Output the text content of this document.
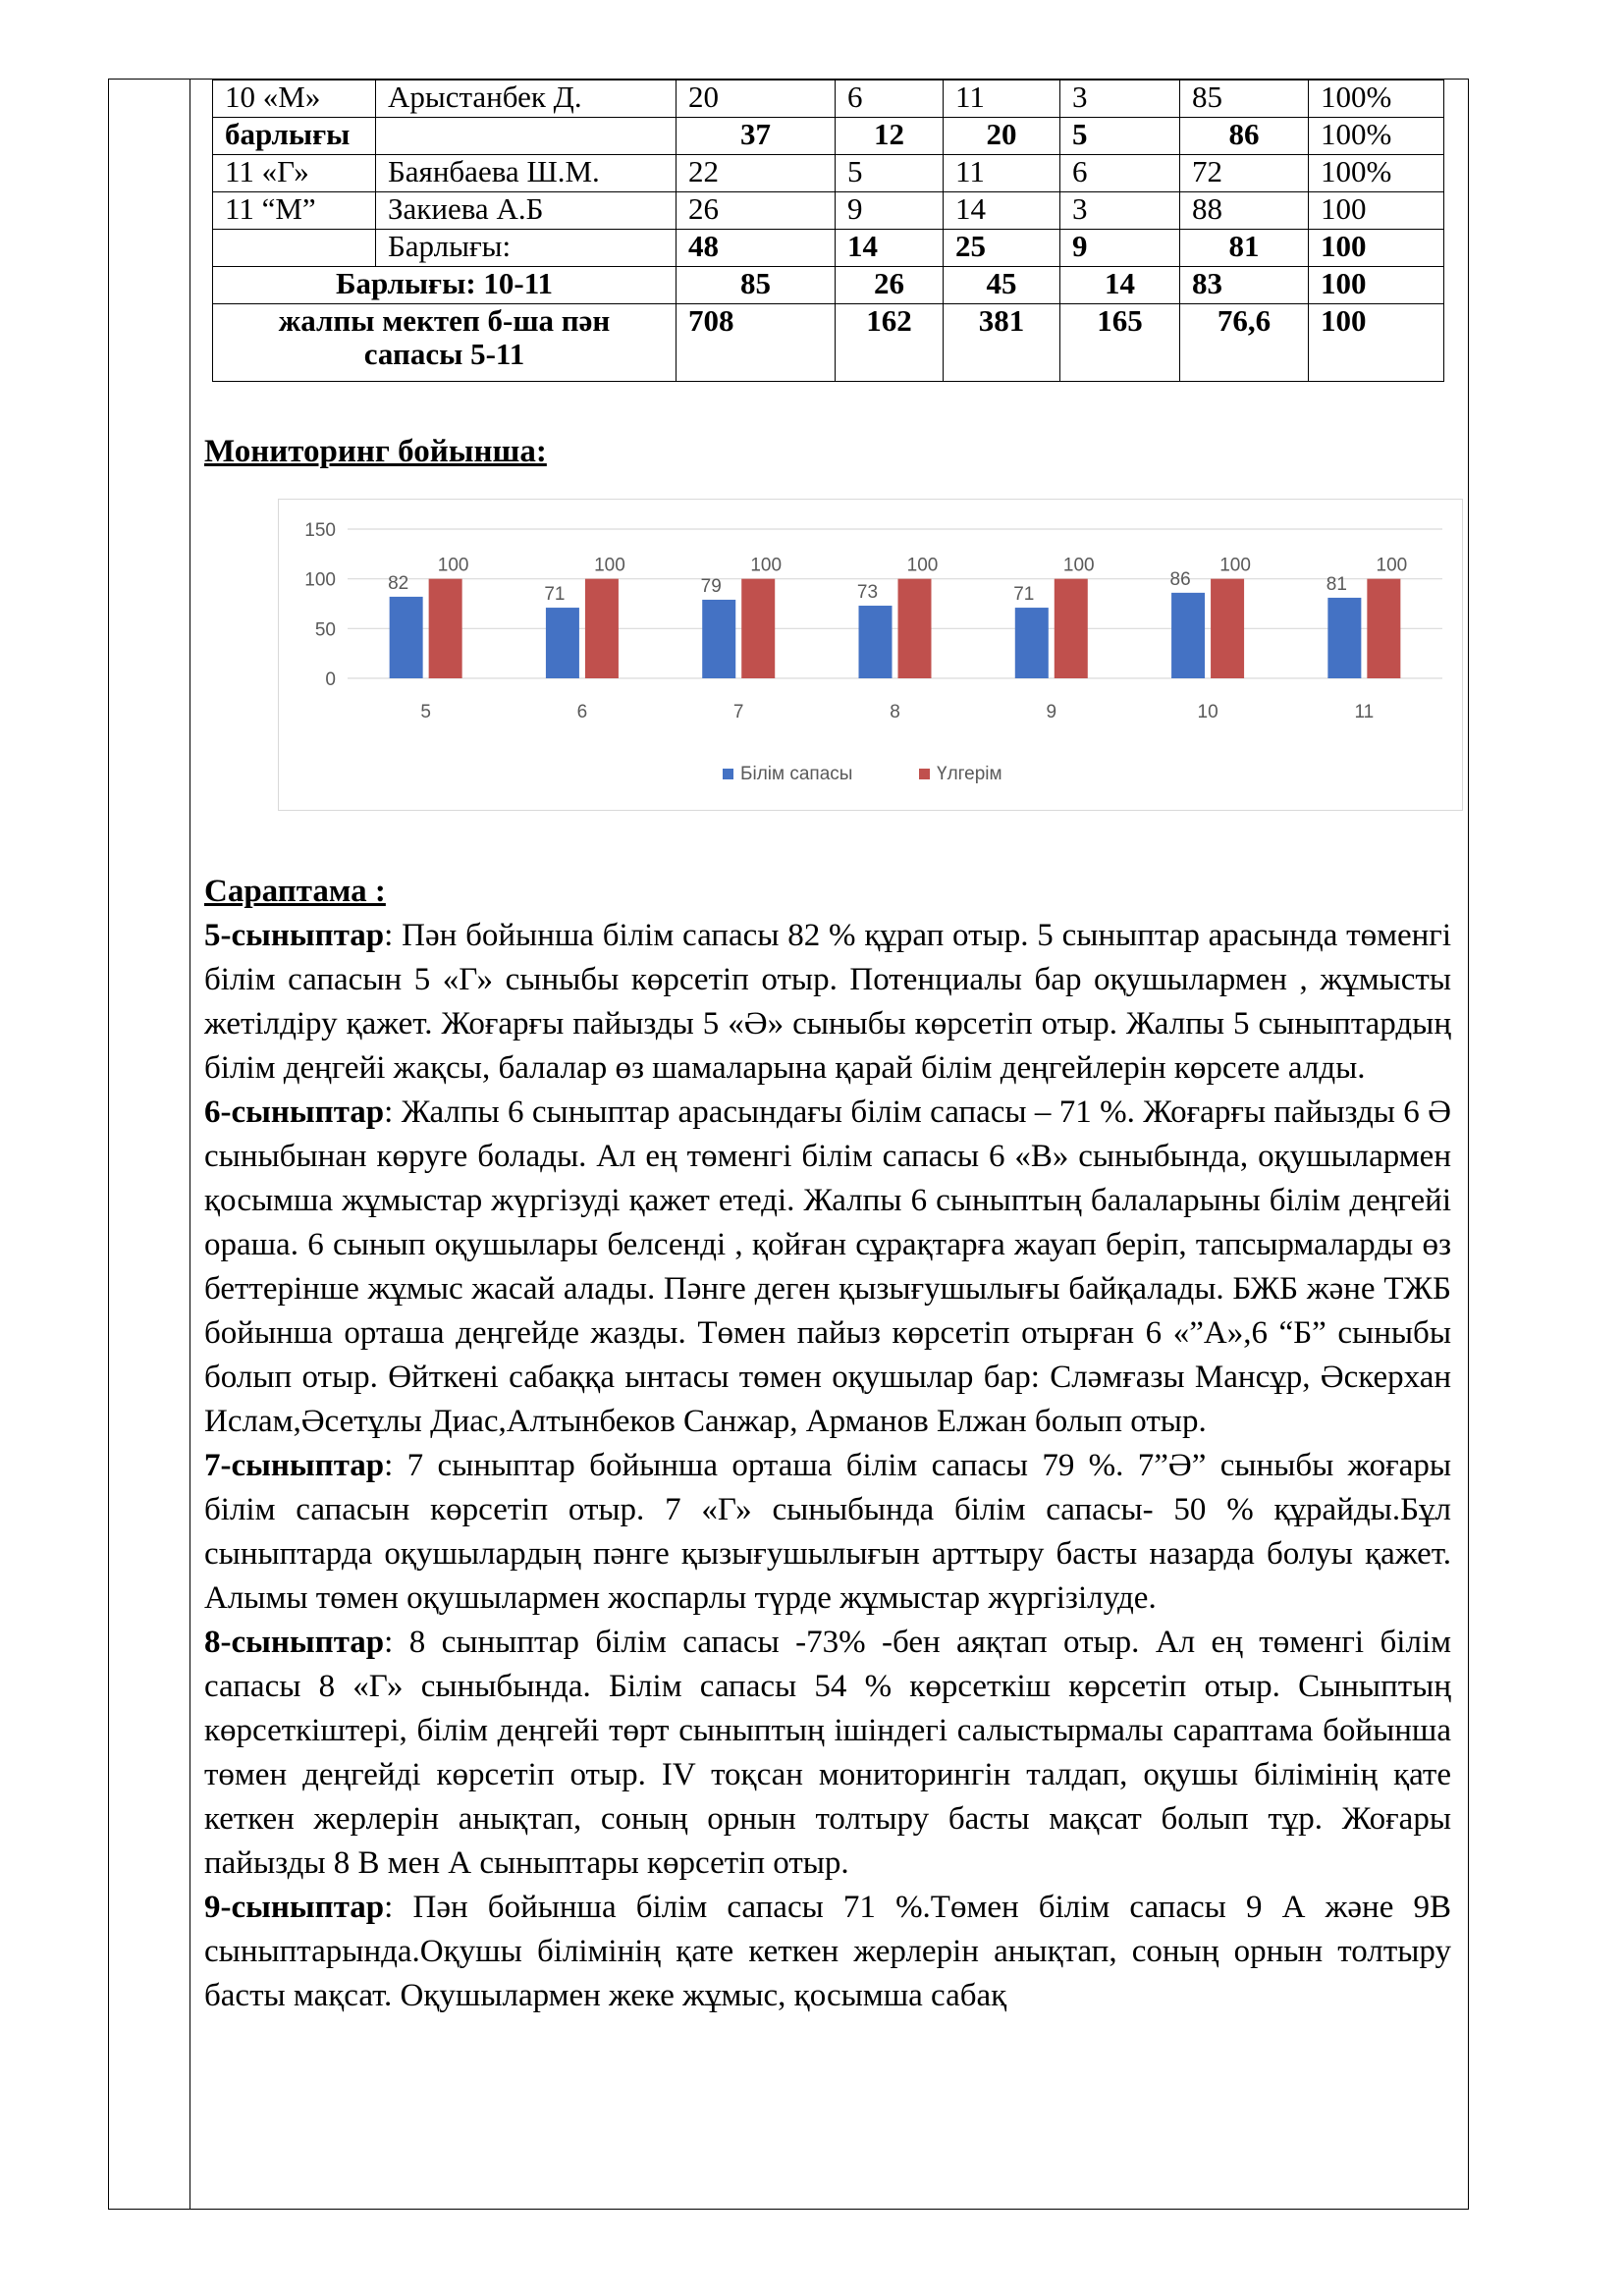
10 «М»	Арыстанбек Д.	20	6	11	3	85	100%
барлығы		37	12	20	5	86	100%
11 «Г»	Баянбаева Ш.М.	22	5	11	6	72	100%
11 “М”	Закиева А.Б	26	9	14	3	88	100
	Барлығы:	48	14	25	9	81	100
Барлығы: 10-11		85	26	45	14	83	100
жалпы мектеп б-ша пән сапасы 5-11		708	162	381	165	76,6	100
Мониторинг бойынша:
0
50
100
150
82
100
5
71
100
6
79
100
7
73
100
8
71
100
9
86
100
10
81
100
11
Білім сапасы	Үлгерім
Сараптама :

5-сыныптар: Пән бойынша білім сапасы 82 % құрап отыр. 5 сыныптар арасында төменгі білім сапасын 5 «Г» сыныбы көрсетіп отыр. Потенциалы бар оқушылармен , жұмысты жетілдіру қажет. Жоғарғы пайызды 5 «Ә» сыныбы көрсетіп отыр. Жалпы 5 сыныптардың білім деңгейі жақсы, балалар өз шамаларына қарай білім деңгейлерін көрсете алды.

6-сыныптар: Жалпы 6 сыныптар арасындағы білім сапасы – 71 %. Жоғарғы пайызды 6 Ә сыныбынан көруге болады. Ал ең төменгі білім сапасы 6 «В» сыныбында, оқушылармен қосымша жұмыстар жүргізуді қажет етеді. Жалпы 6 сыныптың балаларыны білім деңгейі ораша. 6 сынып оқушылары белсенді , қойған сұрақтарға жауап беріп, тапсырмаларды өз беттерінше жұмыс жасай алады. Пәнге деген қызығушылығы байқалады. БЖБ және ТЖБ бойынша орташа деңгейде жазды. Төмен пайыз көрсетіп отырған 6 «”А»,6 “Б” сыныбы болып отыр. Өйткені сабаққа ынтасы төмен оқушылар бар: Сләмғазы Мансұр, Әскерхан Ислам,Әсетұлы Диас,Алтынбеков Санжар, Арманов Елжан болып отыр.

7-сыныптар: 7 сыныптар бойынша орташа білім сапасы 79 %. 7”Ә” сыныбы жоғары білім сапасын көрсетіп отыр. 7 «Г» сыныбында білім сапасы- 50 % құрайды.Бұл сыныптарда оқушылардың пәнге қызығушылығын арттыру басты назарда болуы қажет. Алымы төмен оқушылармен жоспарлы түрде жұмыстар жүргізілуде.

8-сыныптар: 8 сыныптар білім сапасы -73% -бен аяқтап отыр. Ал ең төменгі білім сапасы 8 «Г» сыныбында. Білім сапасы 54 % көрсеткіш көрсетіп отыр. Сыныптың көрсеткіштері, білім деңгейі төрт сыныптың ішіндегі салыстырмалы сараптама бойынша төмен деңгейді көрсетіп отыр. IV тоқсан мониторингін талдап, оқушы білімінің қате кеткен жерлерін анықтап, соның орнын толтыру басты мақсат болып тұр. Жоғары пайызды 8 В мен А сыныптары көрсетіп отыр.

9-сыныптар: Пән бойынша білім сапасы 71 %.Төмен білім сапасы 9 А және 9В сыныптарында.Оқушы білімінің қате кеткен жерлерін анықтап, соның орнын толтыру басты мақсат. Оқушылармен жеке жұмыс, қосымша сабақ
